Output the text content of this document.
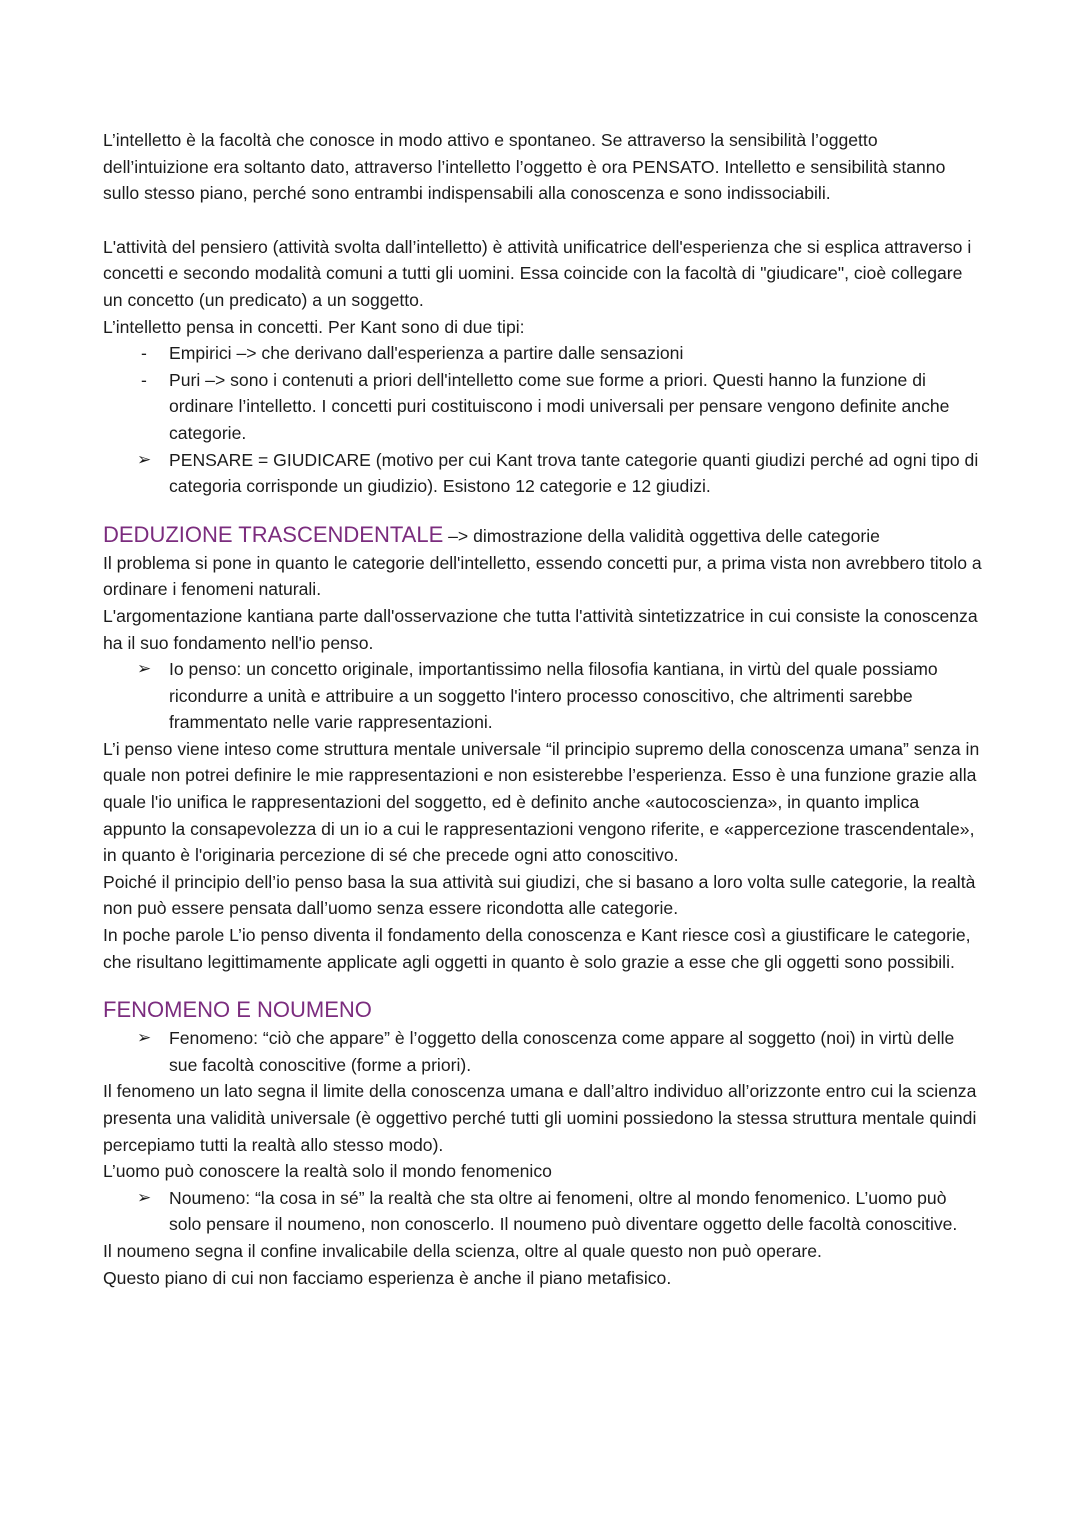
L’intelletto è la facoltà che conosce in modo attivo e spontaneo. Se attraverso la sensibilità l’oggetto dell’intuizione era soltanto dato, attraverso l’intelletto l’oggetto è ora PENSATO. Intelletto e sensibilità stanno sullo stesso piano, perché sono entrambi indispensabili alla conoscenza e sono indissociabili.

L'attività del pensiero (attività svolta dall’intelletto) è attività unificatrice dell'esperienza che si esplica attraverso i concetti e secondo modalità comuni a tutti gli uomini. Essa coincide con la facoltà di "giudicare", cioè collegare un concetto (un predicato) a un soggetto.

L’intelletto pensa in concetti. Per Kant sono di due tipi:

-	Empirici –> che derivano dall'esperienza a partire dalle sensazioni
-	Puri –> sono i contenuti a priori dell'intelletto come sue forme a priori. Questi hanno la funzione di ordinare l’intelletto. I concetti puri costituiscono i modi universali per pensare vengono definite anche categorie.
➢	PENSARE = GIUDICARE (motivo per cui Kant trova tante categorie quanti giudizi perché ad ogni tipo di categoria corrisponde un giudizio). Esistono 12 categorie e 12 giudizi.

DEDUZIONE TRASCENDENTALE –> dimostrazione della validità oggettiva delle categorie

Il problema si pone in quanto le categorie dell'intelletto, essendo concetti pur, a prima vista non avrebbero titolo a ordinare i fenomeni naturali.

L'argomentazione kantiana parte dall'osservazione che tutta l'attività sintetizzatrice in cui consiste la conoscenza ha il suo fondamento nell'io penso.

➢	Io penso: un concetto originale, importantissimo nella filosofia kantiana, in virtù del quale possiamo ricondurre a unità e attribuire a un soggetto l'intero processo conoscitivo, che altrimenti sarebbe frammentato nelle varie rappresentazioni.

L’i penso viene inteso come struttura mentale universale “il principio supremo della conoscenza umana” senza in quale non potrei definire le mie rappresentazioni e non esisterebbe l’esperienza. Esso è una funzione grazie alla quale l'io unifica le rappresentazioni del soggetto, ed è definito anche «autocoscienza», in quanto implica appunto la consapevolezza di un io a cui le rappresentazioni vengono riferite, e «appercezione trascendentale», in quanto è l'originaria percezione di sé che precede ogni atto conoscitivo.

Poiché il principio dell’io penso basa la sua attività sui giudizi, che si basano a loro volta sulle categorie, la realtà non può essere pensata dall’uomo senza essere ricondotta alle categorie.

In poche parole L’io penso diventa il fondamento della conoscenza e Kant riesce così a giustificare le categorie, che risultano legittimamente applicate agli oggetti in quanto è solo grazie a esse che gli oggetti sono possibili.

FENOMENO E NOUMENO

➢	Fenomeno: “ciò che appare” è l’oggetto della conoscenza come appare al soggetto (noi) in virtù delle sue facoltà conoscitive (forme a priori).

Il fenomeno un lato segna il limite della conoscenza umana e dall’altro individuo all’orizzonte entro cui la scienza presenta una validità universale (è oggettivo perché tutti gli uomini possiedono la stessa struttura mentale quindi percepiamo tutti la realtà allo stesso modo).

L’uomo può conoscere la realtà solo il mondo fenomenico

➢	Noumeno: “la cosa in sé” la realtà che sta oltre ai fenomeni, oltre al mondo fenomenico. L’uomo può solo pensare il noumeno, non conoscerlo. Il noumeno può diventare oggetto delle facoltà conoscitive.

Il noumeno segna il confine invalicabile della scienza, oltre al quale questo non può operare.

Questo piano di cui non facciamo esperienza è anche il piano metafisico.
